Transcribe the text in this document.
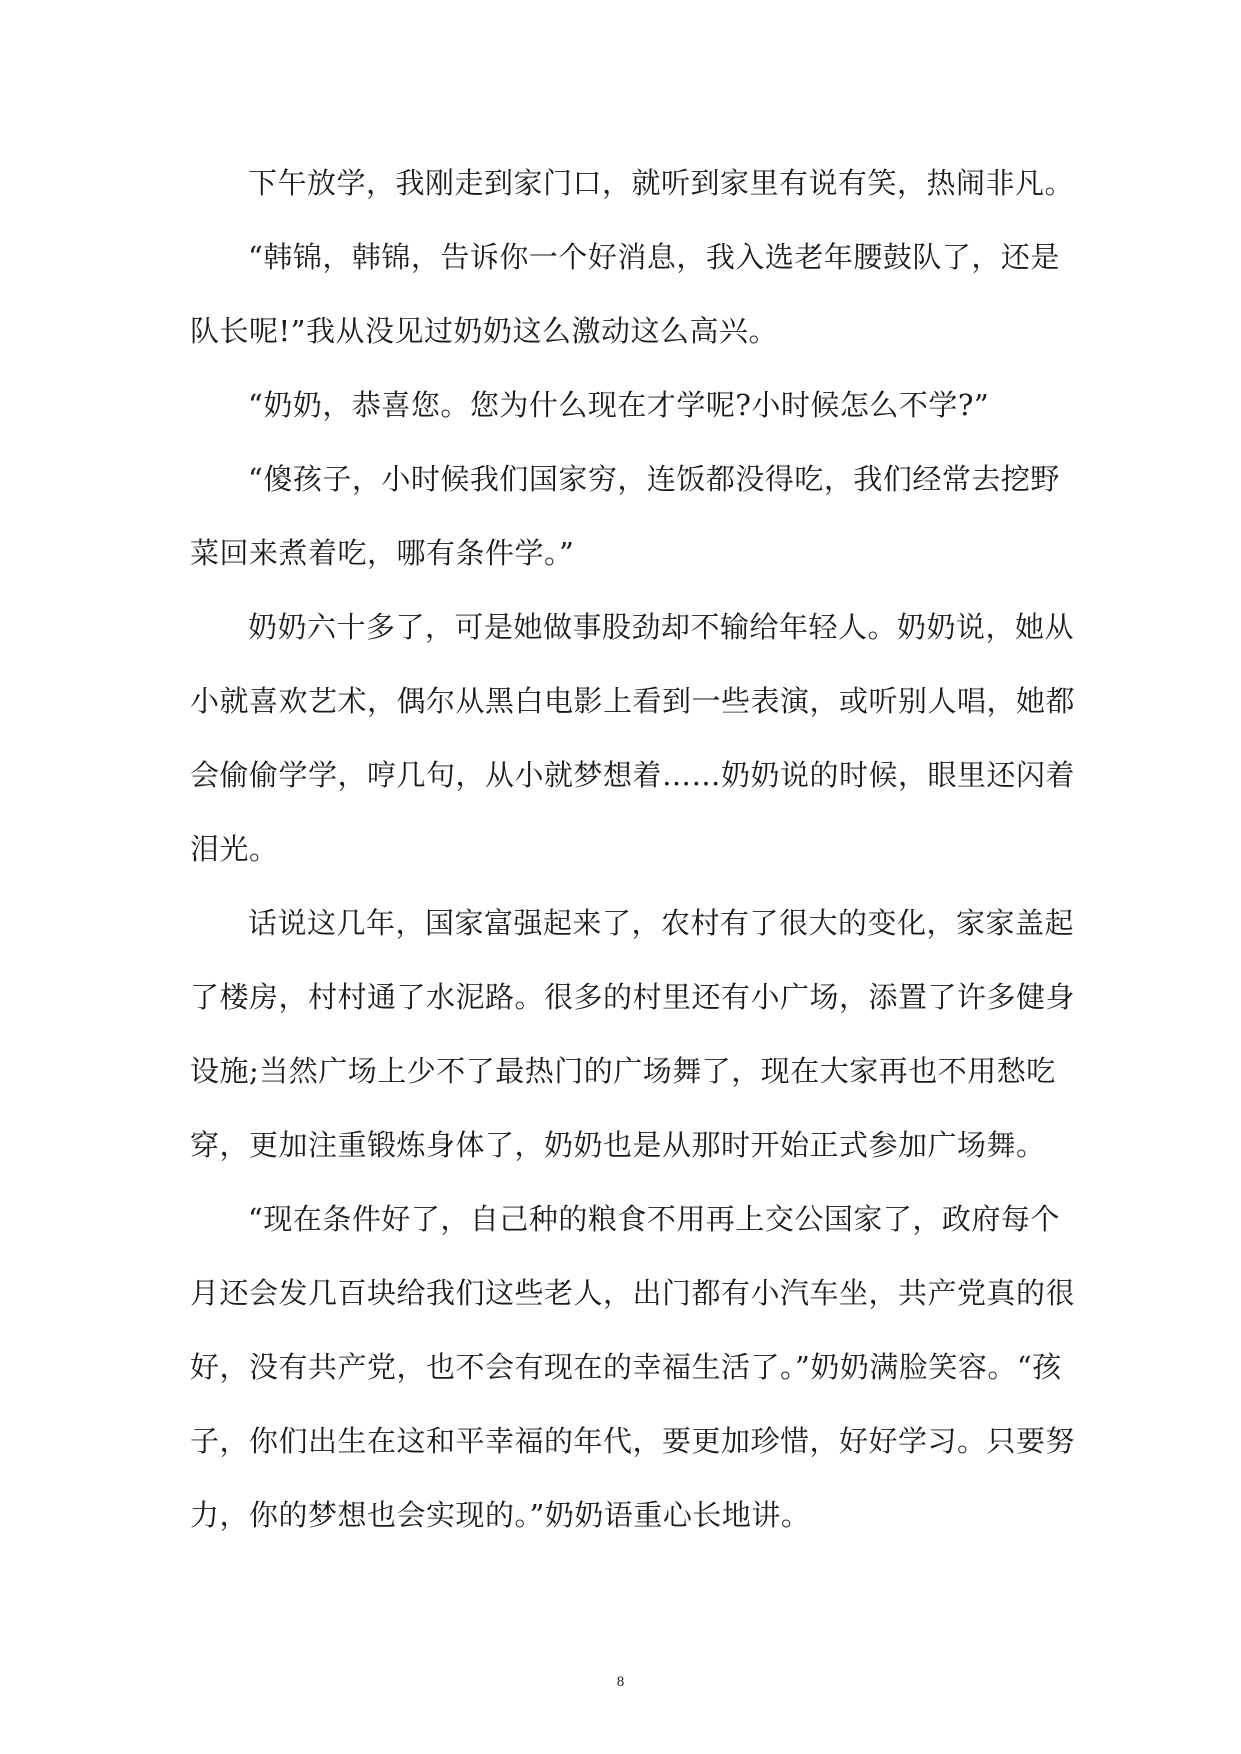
下午放学，我刚走到家门口，就听到家里有说有笑，热闹非凡。
“韩锦，韩锦，告诉你一个好消息，我入选老年腰鼓队了，还是
队长呢!”我从没见过奶奶这么激动这么高兴。
“奶奶，恭喜您。您为什么现在才学呢?小时候怎么不学?”
“傻孩子，小时候我们国家穷，连饭都没得吃，我们经常去挖野
菜回来煮着吃，哪有条件学。”
奶奶六十多了，可是她做事股劲却不输给年轻人。奶奶说，她从
小就喜欢艺术，偶尔从黑白电影上看到一些表演，或听别人唱，她都
会偷偷学学，哼几句，从小就梦想着……奶奶说的时候，眼里还闪着
泪光。
话说这几年，国家富强起来了，农村有了很大的变化，家家盖起
了楼房，村村通了水泥路。很多的村里还有小广场，添置了许多健身
设施;当然广场上少不了最热门的广场舞了，现在大家再也不用愁吃
穿，更加注重锻炼身体了，奶奶也是从那时开始正式参加广场舞。
“现在条件好了，自己种的粮食不用再上交公国家了，政府每个
月还会发几百块给我们这些老人，出门都有小汽车坐，共产党真的很
好，没有共产党，也不会有现在的幸福生活了。”奶奶满脸笑容。“孩
子，你们出生在这和平幸福的年代，要更加珍惜，好好学习。只要努
力，你的梦想也会实现的。”奶奶语重心长地讲。
8
